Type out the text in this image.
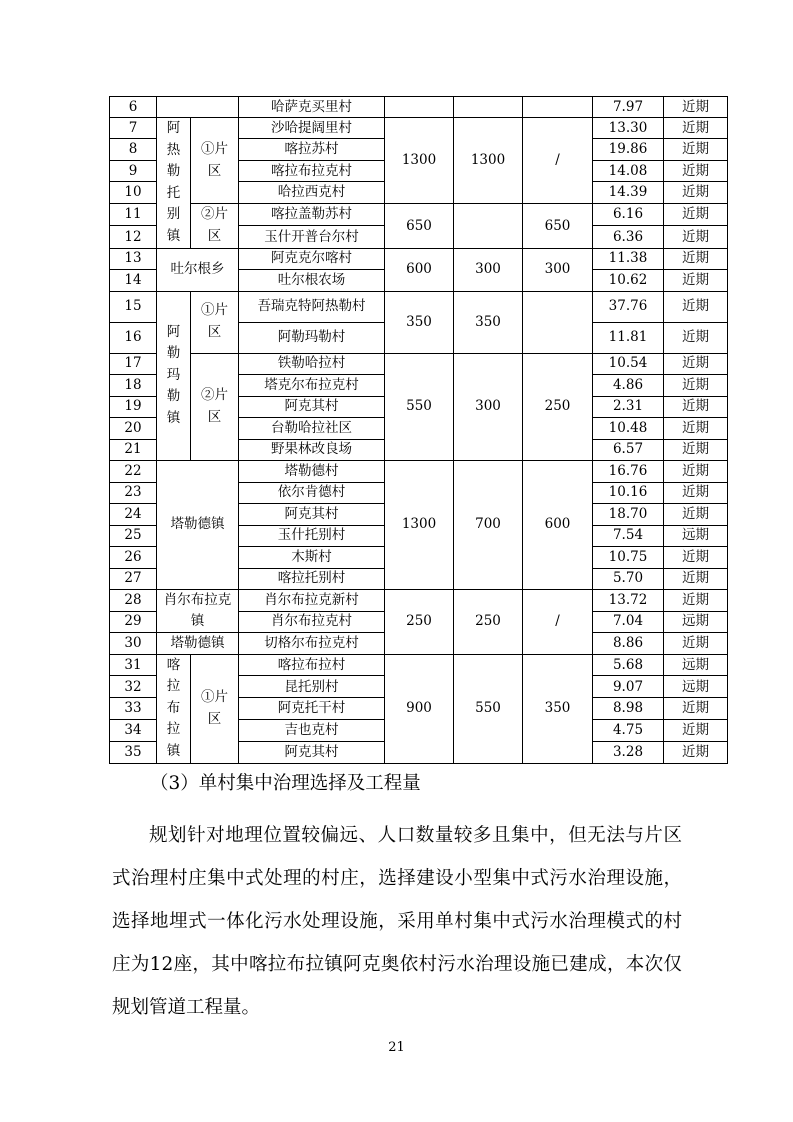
6			哈萨克买里村				7.97	近期
7	阿热勒托别镇	①片区	沙哈提阔里村	1300	1300	/	13.30	近期
8			喀拉苏村				19.86	近期
9			喀拉布拉克村				14.08	近期
10			哈拉西克村				14.39	近期
11		②片区	喀拉盖勒苏村	650		650	6.16	近期
12			玉什开普台尔村				6.36	近期
13	吐尔根乡		阿克克尔喀村	600	300	300	11.38	近期
14			吐尔根农场				10.62	近期
15	阿勒玛勒镇	①片区	吾瑞克特阿热勒村	350	350		37.76	近期
16			阿勒玛勒村				11.81	近期
17		②片区	铁勒哈拉村	550	300	250	10.54	近期
18			塔克尔布拉克村				4.86	近期
19			阿克其村				2.31	近期
20			台勒哈拉社区				10.48	近期
21			野果林改良场				6.57	近期
22	塔勒德镇		塔勒德村	1300	700	600	16.76	近期
23			依尔肯德村				10.16	近期
24			阿克其村				18.70	近期
25			玉什托别村				7.54	远期
26			木斯村				10.75	近期
27			喀拉托别村				5.70	近期
28	肖尔布拉克镇		肖尔布拉克新村	250	250	/	13.72	近期
29			肖尔布拉克村				7.04	远期
30	塔勒德镇		切格尔布拉克村				8.86	近期
31	喀拉布拉镇	①片区	喀拉布拉村	900	550	350	5.68	远期
32			昆托别村				9.07	远期
33			阿克托干村				8.98	近期
34			吉也克村				4.75	近期
35			阿克其村				3.28	近期

（3）单村集中治理选择及工程量

规划针对地理位置较偏远、人口数量较多且集中，但无法与片区式治理村庄集中式处理的村庄，选择建设小型集中式污水治理设施，选择地埋式一体化污水处理设施，采用单村集中式污水治理模式的村庄为12座，其中喀拉布拉镇阿克奥依村污水治理设施已建成，本次仅规划管道工程量。

21
